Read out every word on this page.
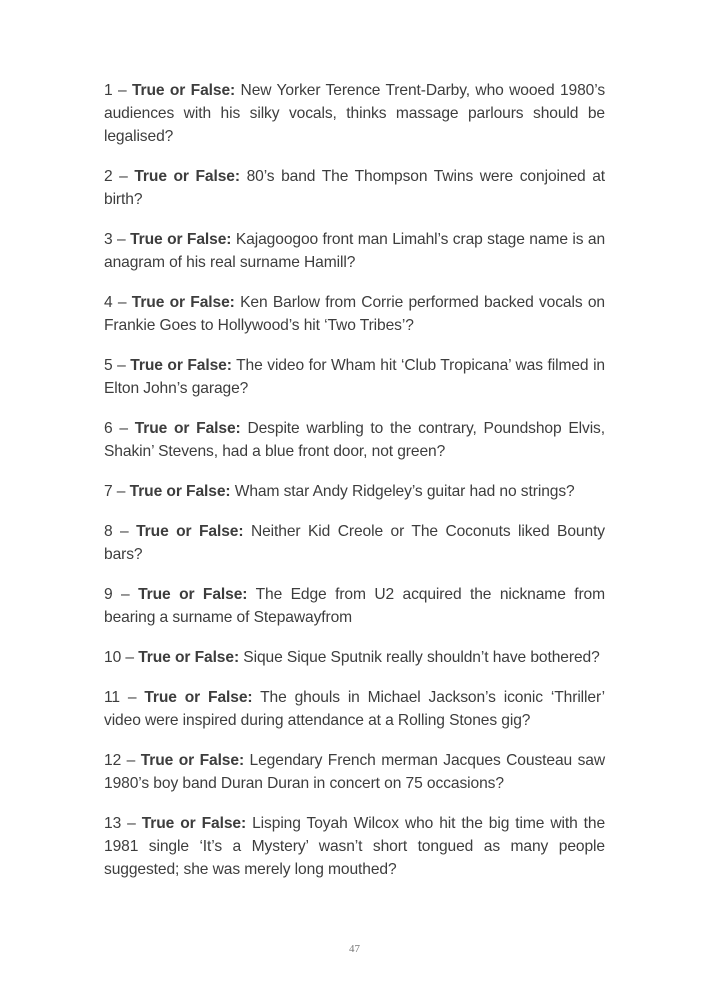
1 – True or False: New Yorker Terence Trent-Darby, who wooed 1980’s audiences with his silky vocals, thinks massage parlours should be legalised?

2 – True or False: 80’s band The Thompson Twins were conjoined at birth?

3 – True or False: Kajagoogoo front man Limahl’s crap stage name is an anagram of his real surname Hamill?

4 – True or False: Ken Barlow from Corrie performed backed vocals on Frankie Goes to Hollywood’s hit ‘Two Tribes’?

5 – True or False: The video for Wham hit ‘Club Tropicana’ was filmed in Elton John’s garage?

6 – True or False: Despite warbling to the contrary, Poundshop Elvis, Shakin’ Stevens, had a blue front door, not green?

7 – True or False: Wham star Andy Ridgeley’s guitar had no strings?

8 – True or False: Neither Kid Creole or The Coconuts liked Bounty bars?

9 – True or False: The Edge from U2 acquired the nickname from bearing a surname of Stepawayfrom

10 – True or False: Sique Sique Sputnik really shouldn’t have bothered?

11 – True or False: The ghouls in Michael Jackson’s iconic ‘Thriller’ video were inspired during attendance at a Rolling Stones gig?

12 – True or False: Legendary French merman Jacques Cousteau saw 1980’s boy band Duran Duran in concert on 75 occasions?

13 – True or False: Lisping Toyah Wilcox who hit the big time with the 1981 single ‘It’s a Mystery’ wasn’t short tongued as many people suggested; she was merely long mouthed?

47
